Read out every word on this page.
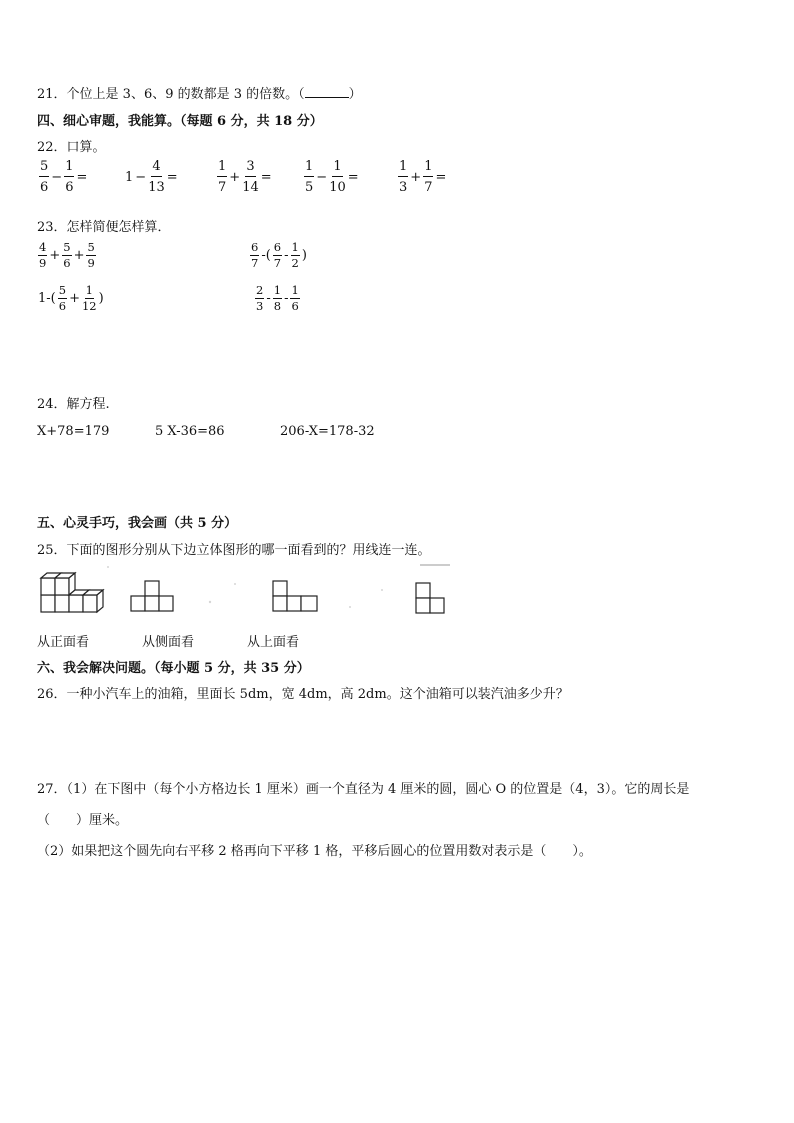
21．个位上是 3、6、9 的数都是 3 的倍数。（	）
四、细心审题，我能算。（每题 6 分，共 18 分）
22．口算。
$\frac{5}{6} - \frac{1}{6}$ =	$1 - \frac{4}{13}$ =	$\frac{1}{7} + \frac{3}{14} = \frac{1}{5} - \frac{1}{10}$ =	$\frac{1}{3} + \frac{1}{7}$ =
23．怎样简便怎样算．
$\frac{4}{9} + \frac{5}{6} + \frac{5}{9}$	$\frac{6}{7}$ -( $\frac{6}{7} - \frac{1}{2}$ )
$1-( \frac{5}{6} + \frac{1}{12}$ )	$\frac{2}{3} - \frac{1}{8} - \frac{1}{6}$
24．解方程.
X+78=179	5 X-36=86	206-X=178-32
五、心灵手巧，我会画（共 5 分）
25．下面的图形分别从下边立体图形的哪一面看到的？用线连一连。
从正面看	从侧面看	从上面看
六、我会解决问题。（每小题 5 分，共 35 分）
26．一种小汽车上的油箱，里面长 5dm，宽 4dm，高 2dm。这个油箱可以装汽油多少升？
27．（1）在下图中（每个小方格边长 1 厘米）画一个直径为 4 厘米的圆，圆心 O 的位置是（4，3）。它的周长是
（　　）厘米。
（2）如果把这个圆先向右平移 2 格再向下平移 1 格，平移后圆心的位置用数对表示是（　　）。
